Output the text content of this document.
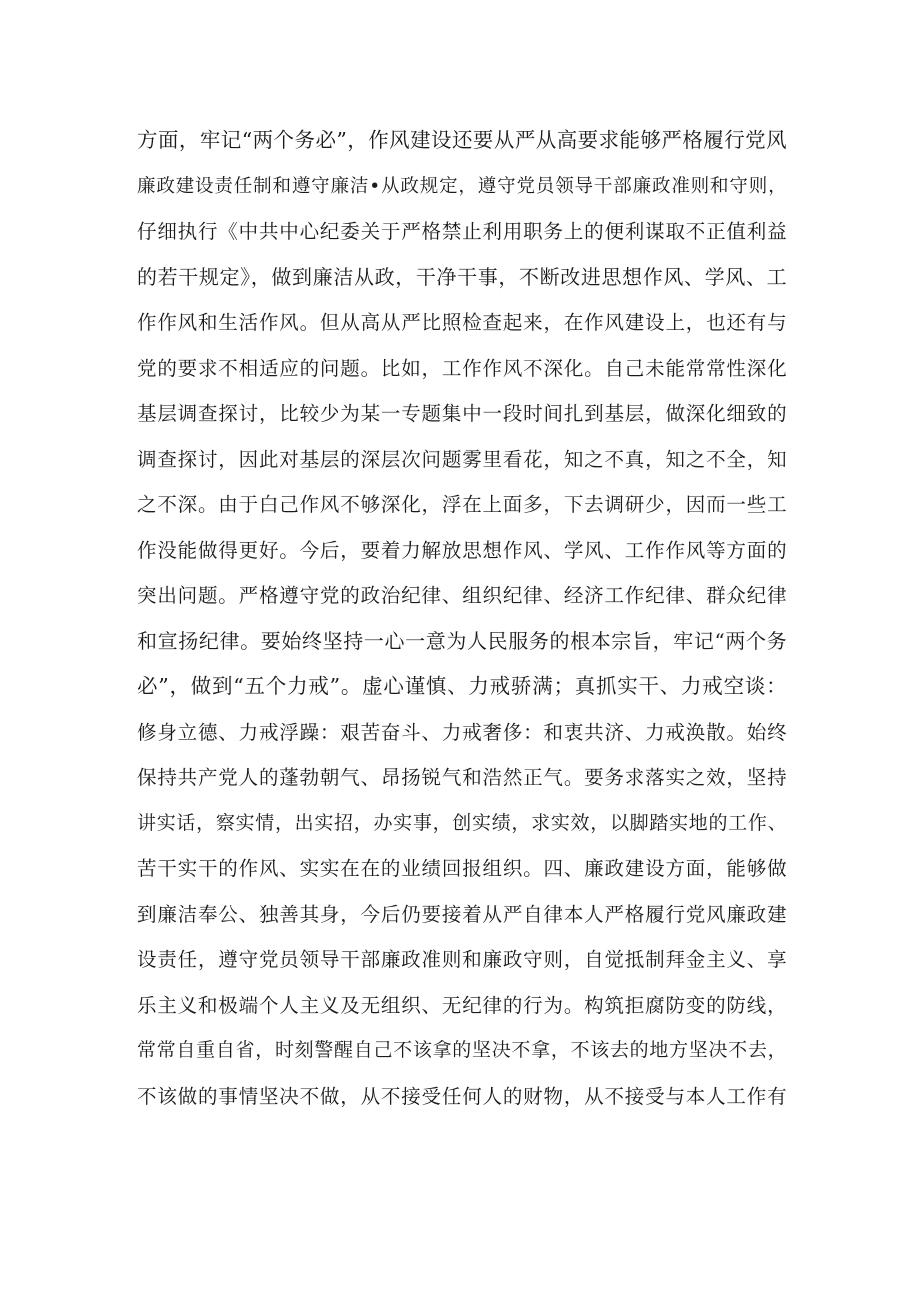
方面，牢记“两个务必”，作风建设还要从严从高要求能够严格履行党风
廉政建设责任制和遵守廉洁•从政规定，遵守党员领导干部廉政准则和守则，
仔细执行《中共中心纪委关于严格禁止利用职务上的便利谋取不正值利益
的若干规定》，做到廉洁从政，干净干事，不断改进思想作风、学风、工
作作风和生活作风。但从高从严比照检查起来，在作风建设上，也还有与
党的要求不相适应的问题。比如，工作作风不深化。自己未能常常性深化
基层调查探讨，比较少为某一专题集中一段时间扎到基层，做深化细致的
调查探讨，因此对基层的深层次问题雾里看花，知之不真，知之不全，知
之不深。由于白己作风不够深化，浮在上面多，下去调研少，因而一些工
作没能做得更好。今后，要着力解放思想作风、学风、工作作风等方面的
突出问题。严格遵守党的政治纪律、组织纪律、经济工作纪律、群众纪律
和宣扬纪律。要始终坚持一心一意为人民服务的根本宗旨，牢记“两个务
必”，做到“五个力戒”。虚心谨慎、力戒骄满；真抓实干、力戒空谈：
修身立德、力戒浮躁：艰苦奋斗、力戒奢侈：和衷共济、力戒涣散。始终
保持共产党人的蓬勃朝气、昂扬锐气和浩然正气。要务求落实之效，坚持
讲实话，察实情，出实招，办实事，创实绩，求实效，以脚踏实地的工作、
苦干实干的作风、实实在在的业绩回报组织。四、廉政建设方面，能够做
到廉洁奉公、独善其身，今后仍要接着从严自律本人严格履行党风廉政建
设责任，遵守党员领导干部廉政准则和廉政守则，自觉抵制拜金主义、享
乐主义和极端个人主义及无组织、无纪律的行为。构筑拒腐防变的防线，
常常自重自省，时刻警醒自己不该拿的坚决不拿，不该去的地方坚决不去，
不该做的事情坚决不做，从不接受任何人的财物，从不接受与本人工作有
